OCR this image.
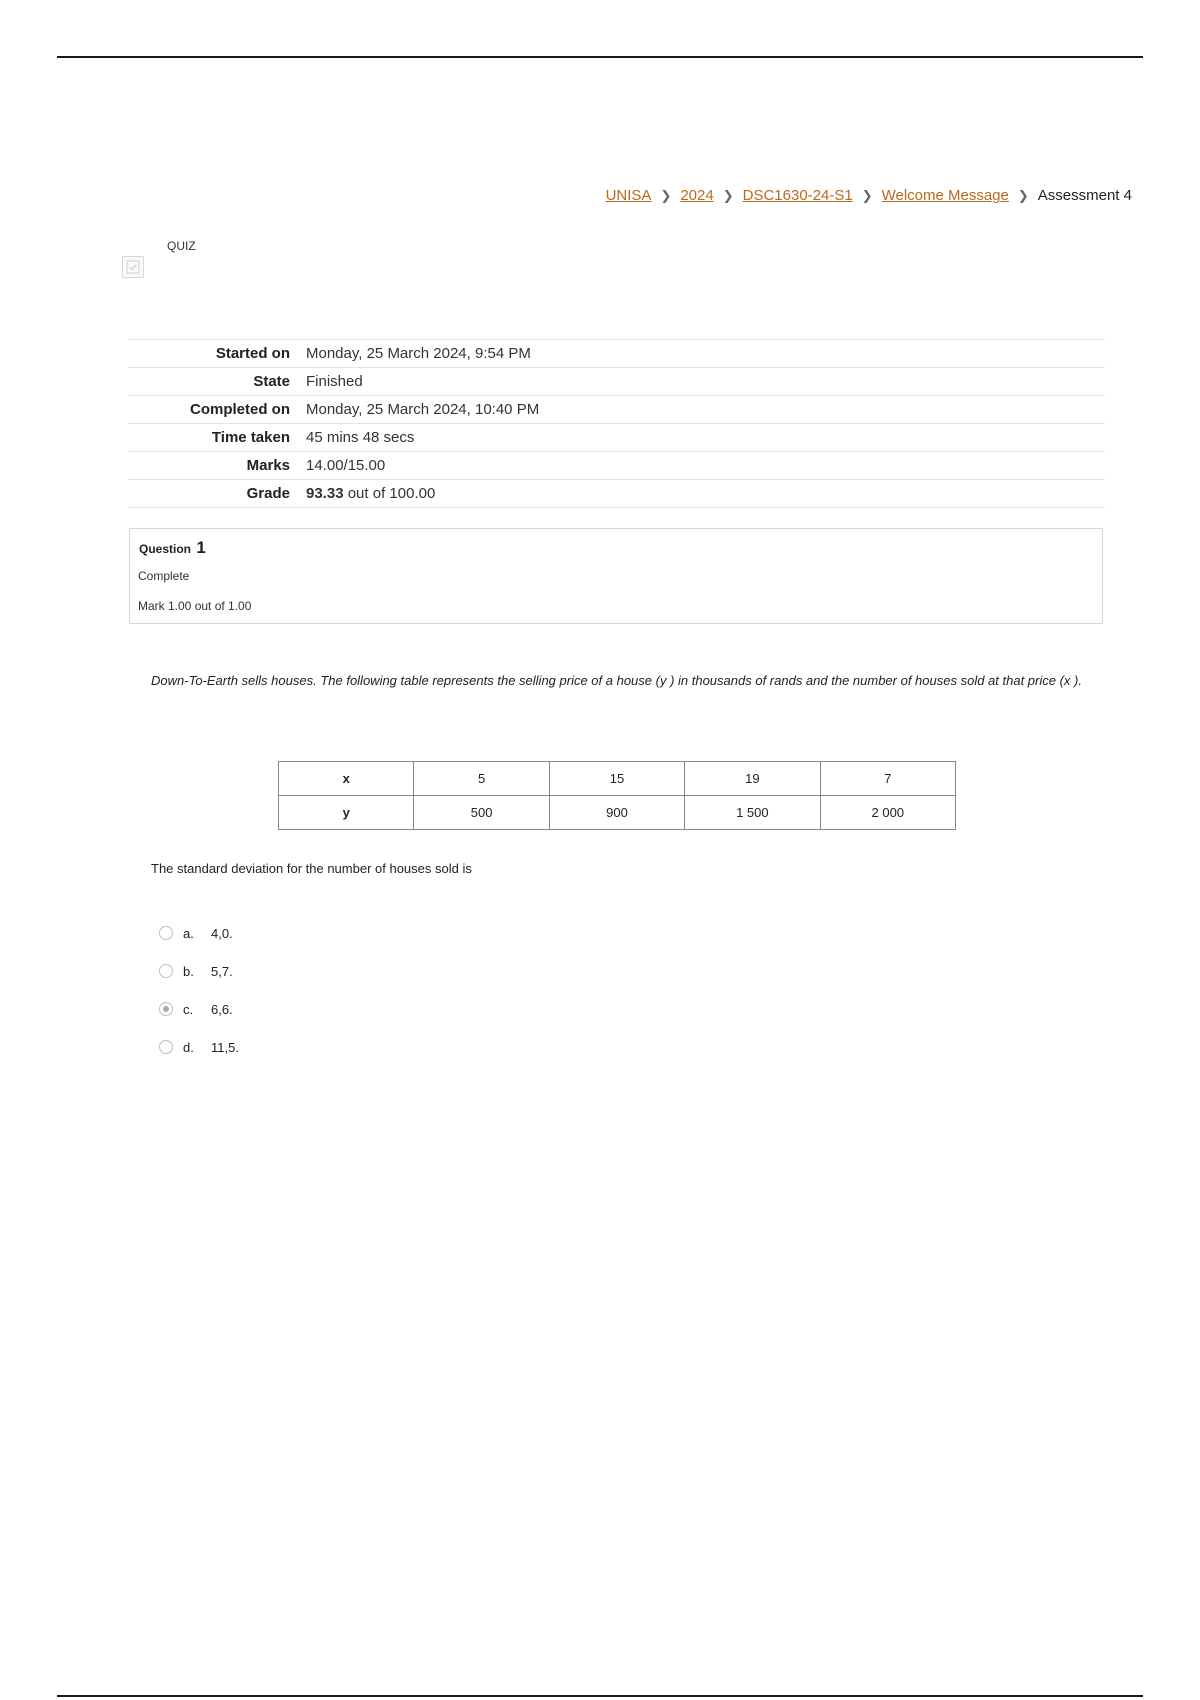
UNISA ❯ 2024 ❯ DSC1630-24-S1 ❯ Welcome Message ❯ Assessment 4
QUIZ
Started on	Monday, 25 March 2024, 9:54 PM
State	Finished
Completed on	Monday, 25 March 2024, 10:40 PM
Time taken	45 mins 48 secs
Marks	14.00/15.00
Grade	93.33 out of 100.00
Question 1
Complete
Mark 1.00 out of 1.00
Down-To-Earth sells houses. The following table represents the selling price of a house (y ) in thousands of rands and the number of houses sold at that price (x ).
x	5	15	19	7
y	500	900	1 500	2 000
The standard deviation for the number of houses sold is
a.	4,0.
b.	5,7.
c.	6,6.
d.	11,5.
